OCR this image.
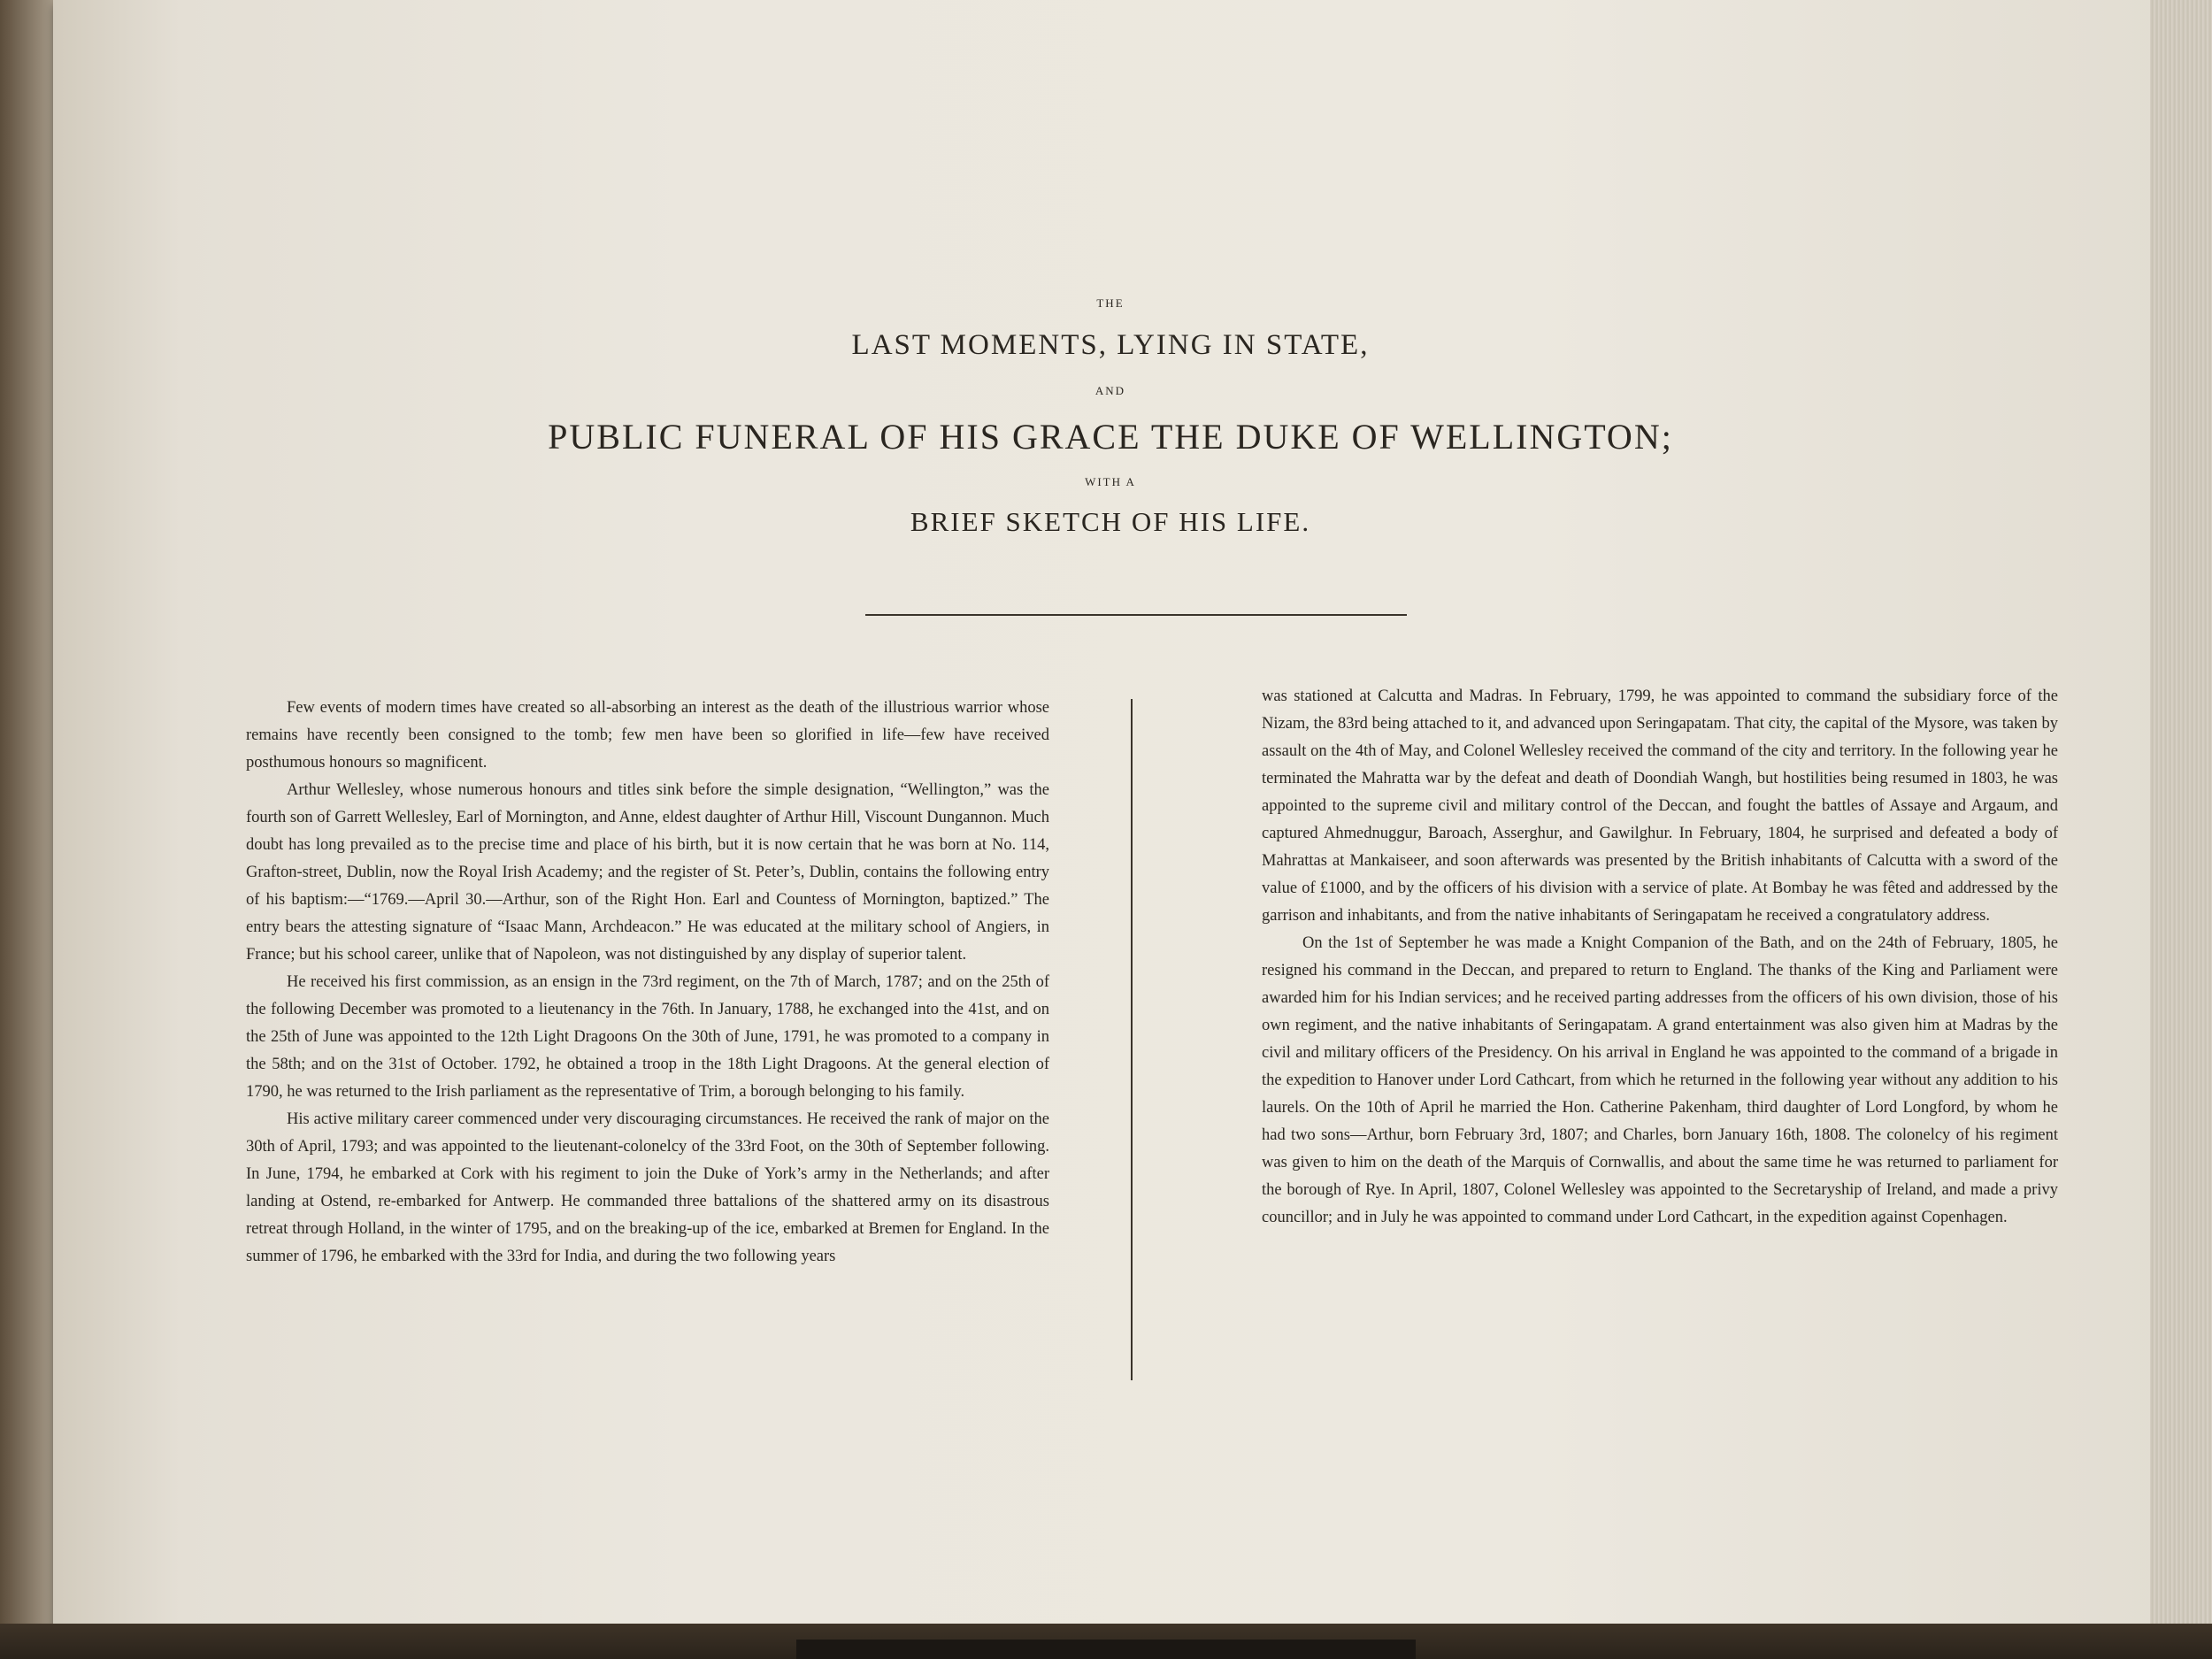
THE
LAST MOMENTS, LYING IN STATE,
AND
PUBLIC FUNERAL OF HIS GRACE THE DUKE OF WELLINGTON;
WITH A
BRIEF SKETCH OF HIS LIFE.

Few events of modern times have created so all-absorbing an interest as the death of the illustrious warrior whose remains have recently been consigned to the tomb; few men have been so glorified in life—few have received posthumous honours so magnificent.

Arthur Wellesley, whose numerous honours and titles sink before the simple designation, “Wellington,” was the fourth son of Garrett Wellesley, Earl of Mornington, and Anne, eldest daughter of Arthur Hill, Viscount Dungannon. Much doubt has long prevailed as to the precise time and place of his birth, but it is now certain that he was born at No. 114, Grafton-street, Dublin, now the Royal Irish Academy; and the register of St. Peter’s, Dublin, contains the following entry of his baptism:—“1769.—April 30.—Arthur, son of the Right Hon. Earl and Countess of Mornington, baptized.” The entry bears the attesting signature of “Isaac Mann, Archdeacon.” He was educated at the military school of Angiers, in France; but his school career, unlike that of Napoleon, was not distinguished by any display of superior talent.

He received his first commission, as an ensign in the 73rd regiment, on the 7th of March, 1787; and on the 25th of the following December was promoted to a lieutenancy in the 76th. In January, 1788, he exchanged into the 41st, and on the 25th of June was appointed to the 12th Light Dragoons On the 30th of June, 1791, he was promoted to a company in the 58th; and on the 31st of October. 1792, he obtained a troop in the 18th Light Dragoons. At the general election of 1790, he was returned to the Irish parliament as the representative of Trim, a borough belonging to his family.

His active military career commenced under very discouraging circumstances. He received the rank of major on the 30th of April, 1793; and was appointed to the lieutenant-colonelcy of the 33rd Foot, on the 30th of September following. In June, 1794, he embarked at Cork with his regiment to join the Duke of York’s army in the Netherlands; and after landing at Ostend, re-embarked for Antwerp. He commanded three battalions of the shattered army on its disastrous retreat through Holland, in the winter of 1795, and on the breaking-up of the ice, embarked at Bremen for England. In the summer of 1796, he embarked with the 33rd for India, and during the two following years

was stationed at Calcutta and Madras. In February, 1799, he was appointed to command the subsidiary force of the Nizam, the 83rd being attached to it, and advanced upon Seringapatam. That city, the capital of the Mysore, was taken by assault on the 4th of May, and Colonel Wellesley received the command of the city and territory. In the following year he terminated the Mahratta war by the defeat and death of Doondiah Wangh, but hostilities being resumed in 1803, he was appointed to the supreme civil and military control of the Deccan, and fought the battles of Assaye and Argaum, and captured Ahmednuggur, Baroach, Asserghur, and Gawilghur. In February, 1804, he surprised and defeated a body of Mahrattas at Mankaiseer, and soon afterwards was presented by the British inhabitants of Calcutta with a sword of the value of £1000, and by the officers of his division with a service of plate. At Bombay he was fêted and addressed by the garrison and inhabitants, and from the native inhabitants of Seringapatam he received a congratulatory address.

On the 1st of September he was made a Knight Companion of the Bath, and on the 24th of February, 1805, he resigned his command in the Deccan, and prepared to return to England. The thanks of the King and Parliament were awarded him for his Indian services; and he received parting addresses from the officers of his own division, those of his own regiment, and the native inhabitants of Seringapatam. A grand entertainment was also given him at Madras by the civil and military officers of the Presidency. On his arrival in England he was appointed to the command of a brigade in the expedition to Hanover under Lord Cathcart, from which he returned in the following year without any addition to his laurels. On the 10th of April he married the Hon. Catherine Pakenham, third daughter of Lord Longford, by whom he had two sons—Arthur, born February 3rd, 1807; and Charles, born January 16th, 1808. The colonelcy of his regiment was given to him on the death of the Marquis of Cornwallis, and about the same time he was returned to parliament for the borough of Rye. In April, 1807, Colonel Wellesley was appointed to the Secretaryship of Ireland, and made a privy councillor; and in July he was appointed to command under Lord Cathcart, in the expedition against Copenhagen.
